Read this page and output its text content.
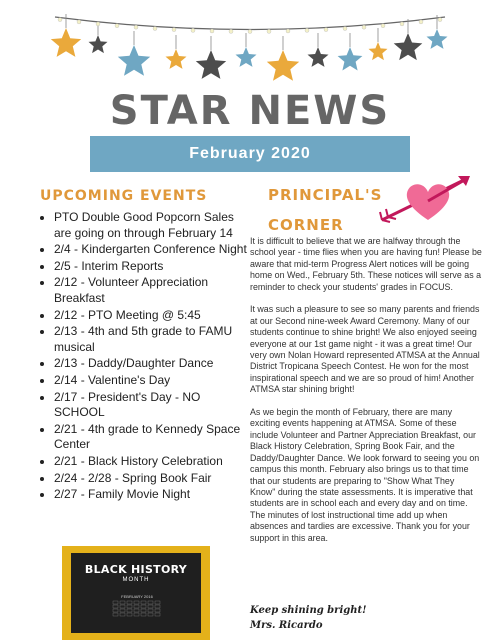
STAR NEWS
February 2020
UPCOMING EVENTS
• PTO Double Good Popcorn Sales are going on through February 14
• 2/4 - Kindergarten Conference Night
• 2/5 - Interim Reports
• 2/12 - Volunteer Appreciation Breakfast
• 2/12 - PTO Meeting @ 5:45
• 2/13 - 4th and 5th grade to FAMU musical
• 2/13 - Daddy/Daughter Dance
• 2/14 - Valentine's Day
• 2/17 - President's Day - NO SCHOOL
• 2/21 - 4th grade to Kennedy Space Center
• 2/21 - Black History Celebration
• 2/24 - 2/28 - Spring Book Fair
• 2/27 - Family Movie Night
BLACK HISTORY
MONTH
FEBRUARY 2016
PRINCIPAL'S
CORNER

It is difficult to believe that we are halfway through the school year - time flies when you are having fun! Please be aware that mid-term Progress Alert notices will be going home on Wed., February 5th. These notices will serve as a reminder to check your students' grades in FOCUS.

It was such a pleasure to see so many parents and friends at our Second nine-week Award Ceremony. Many of our students continue to shine bright! We also enjoyed seeing everyone at our 1st game night - it was a great time! Our very own Nolan Howard represented ATMSA at the Annual District Tropicana Speech Contest. He won for the most inspirational speech and we are so proud of him! Another ATMSA star shining bright!

As we begin the month of February, there are many exciting events happening at ATMSA. Some of these include Volunteer and Partner Appreciation Breakfast, our Black History Celebration, Spring Book Fair, and the Daddy/Daughter Dance. We look forward to seeing you on campus this month. February also brings us to that time that our students are preparing to "Show What They Know" during the state assessments. It is imperative that students are in school each and every day and on time. The minutes of lost instructional time add up when absences and tardies are excessive. Thank you for your support in this area.

Keep shining bright!
Mrs. Ricardo
